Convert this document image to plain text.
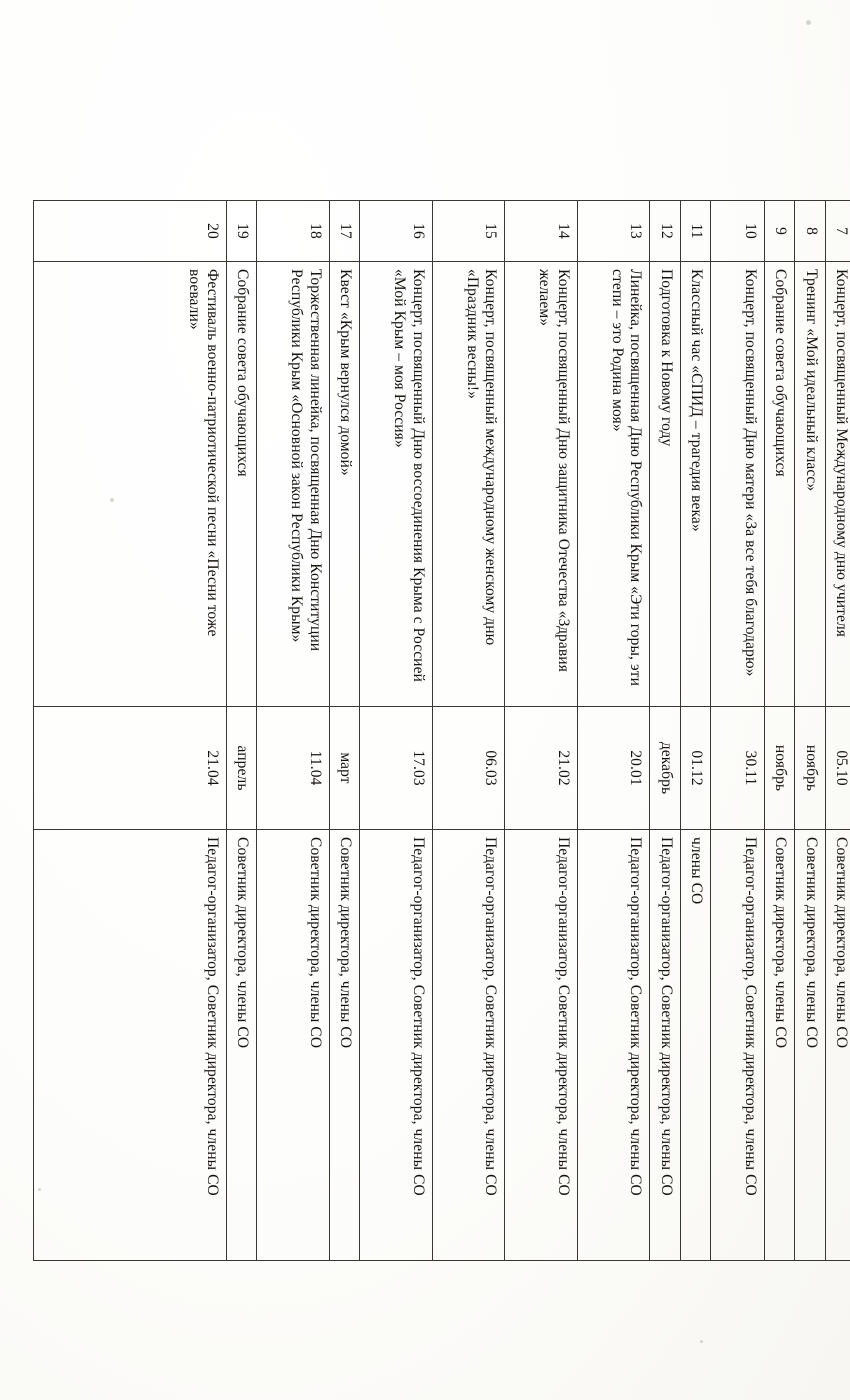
7	Концерт, посвященный Международному дню учителя	05.10	Советник директора, члены СО
8	Тренинг «Мой идеальный класс»	ноябрь	Советник директора, члены СО
9	Собрание совета обучающихся	ноябрь	Советник директора, члены СО
10	Концерт, посвященный Дню матери «За все тебя благодарю»	30.11	Педагог-организатор, Советник директора, члены СО
11	Классный час «СПИД – трагедия века»	01.12	члены СО
12	Подготовка к Новому году	декабрь	Педагог-организатор, Советник директора, члены СО
13	Линейка, посвященная Дню Республики Крым «Эти горы, эти степи – это Родина моя»	20.01	Педагог-организатор, Советник директора, члены СО
14	Концерт, посвященный Дню защитника Отечества «Здравия желаем»	21.02	Педагог-организатор, Советник директора, члены СО
15	Концерт, посвященный международному женскому дню «Праздник весны!»	06.03	Педагог-организатор, Советник директора, члены СО
16	Концерт, посвященный Дню воссоединения Крыма с Россией «Мой Крым – моя Россия»	17.03	Педагог-организатор, Советник директора, члены СО
17	Квест «Крым вернулся домой»	март	Советник директора, члены СО
18	Торжественная линейка, посвященная Дню Конституции Республики Крым «Основной закон Республики Крым»	11.04	Советник директора, члены СО
19	Собрание совета обучающихся	апрель	Советник директора, члены СО
20	Фестиваль военно-патриотической песни «Песни тоже воевали»	21.04	Педагог-организатор, Советник директора, члены СО
